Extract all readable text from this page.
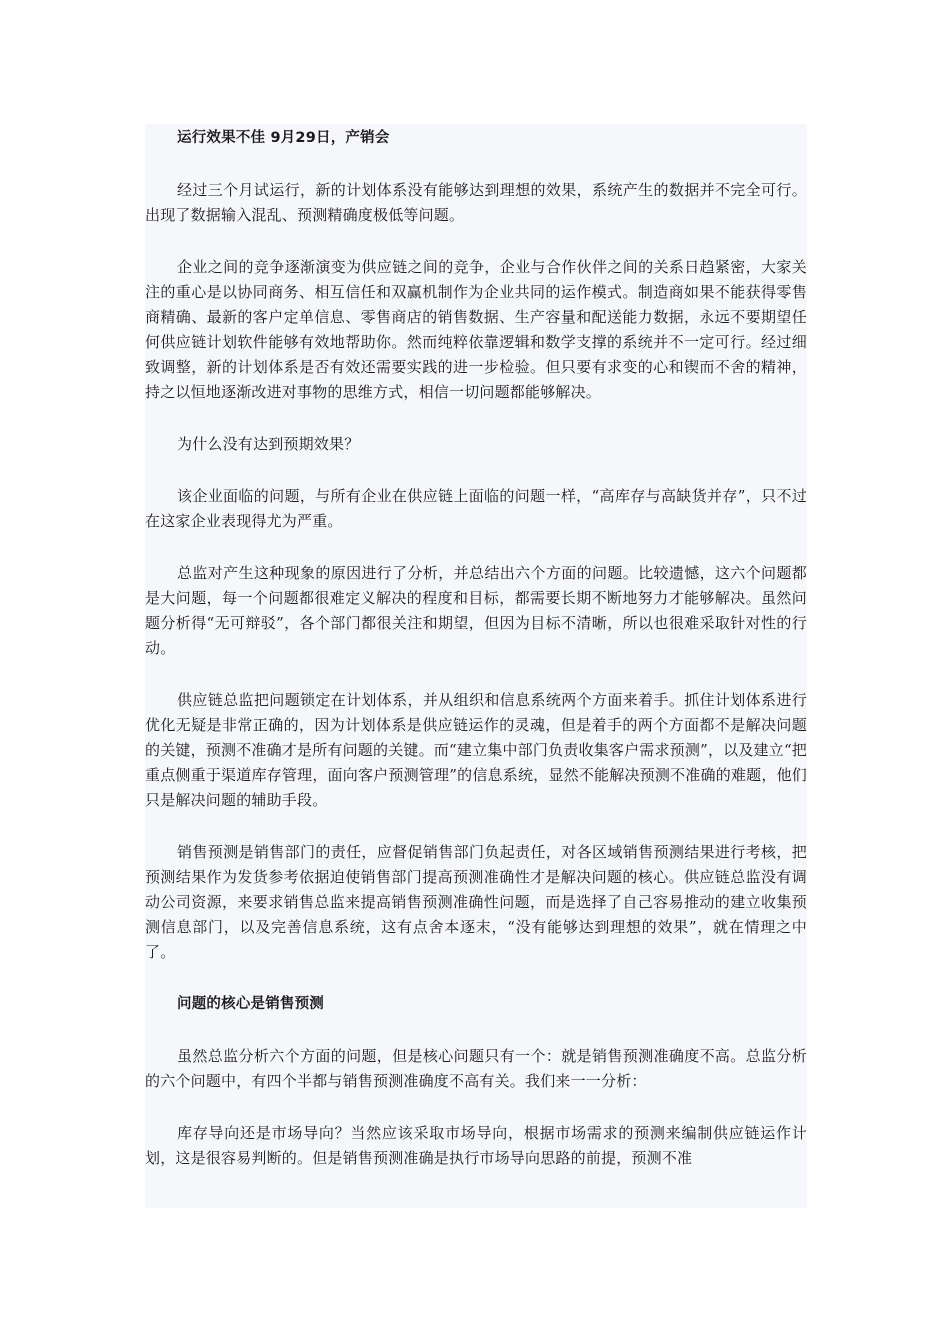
运行效果不佳 9月29日，产销会

经过三个月试运行，新的计划体系没有能够达到理想的效果，系统产生的数据并不完全可行。出现了数据输入混乱、预测精确度极低等问题。

企业之间的竞争逐渐演变为供应链之间的竞争，企业与合作伙伴之间的关系日趋紧密，大家关注的重心是以协同商务、相互信任和双赢机制作为企业共同的运作模式。制造商如果不能获得零售商精确、最新的客户定单信息、零售商店的销售数据、生产容量和配送能力数据，永远不要期望任何供应链计划软件能够有效地帮助你。然而纯粹依靠逻辑和数学支撑的系统并不一定可行。经过细致调整，新的计划体系是否有效还需要实践的进一步检验。但只要有求变的心和锲而不舍的精神，持之以恒地逐渐改进对事物的思维方式，相信一切问题都能够解决。

为什么没有达到预期效果？

该企业面临的问题，与所有企业在供应链上面临的问题一样，“高库存与高缺货并存”，只不过在这家企业表现得尤为严重。

总监对产生这种现象的原因进行了分析，并总结出六个方面的问题。比较遗憾，这六个问题都是大问题，每一个问题都很难定义解决的程度和目标，都需要长期不断地努力才能够解决。虽然问题分析得“无可辩驳”，各个部门都很关注和期望，但因为目标不清晰，所以也很难采取针对性的行动。

供应链总监把问题锁定在计划体系，并从组织和信息系统两个方面来着手。抓住计划体系进行优化无疑是非常正确的，因为计划体系是供应链运作的灵魂，但是着手的两个方面都不是解决问题的关键，预测不准确才是所有问题的关键。而“建立集中部门负责收集客户需求预测”，以及建立“把重点侧重于渠道库存管理，面向客户预测管理”的信息系统，显然不能解决预测不准确的难题，他们只是解决问题的辅助手段。

销售预测是销售部门的责任，应督促销售部门负起责任，对各区域销售预测结果进行考核，把预测结果作为发货参考依据迫使销售部门提高预测准确性才是解决问题的核心。供应链总监没有调动公司资源，来要求销售总监来提高销售预测准确性问题，而是选择了自己容易推动的建立收集预测信息部门，以及完善信息系统，这有点舍本逐末，“没有能够达到理想的效果”，就在情理之中了。

问题的核心是销售预测

虽然总监分析六个方面的问题，但是核心问题只有一个：就是销售预测准确度不高。总监分析的六个问题中，有四个半都与销售预测准确度不高有关。我们来一一分析：

库存导向还是市场导向？当然应该采取市场导向，根据市场需求的预测来编制供应链运作计划，这是很容易判断的。但是销售预测准确是执行市场导向思路的前提，预测不准
